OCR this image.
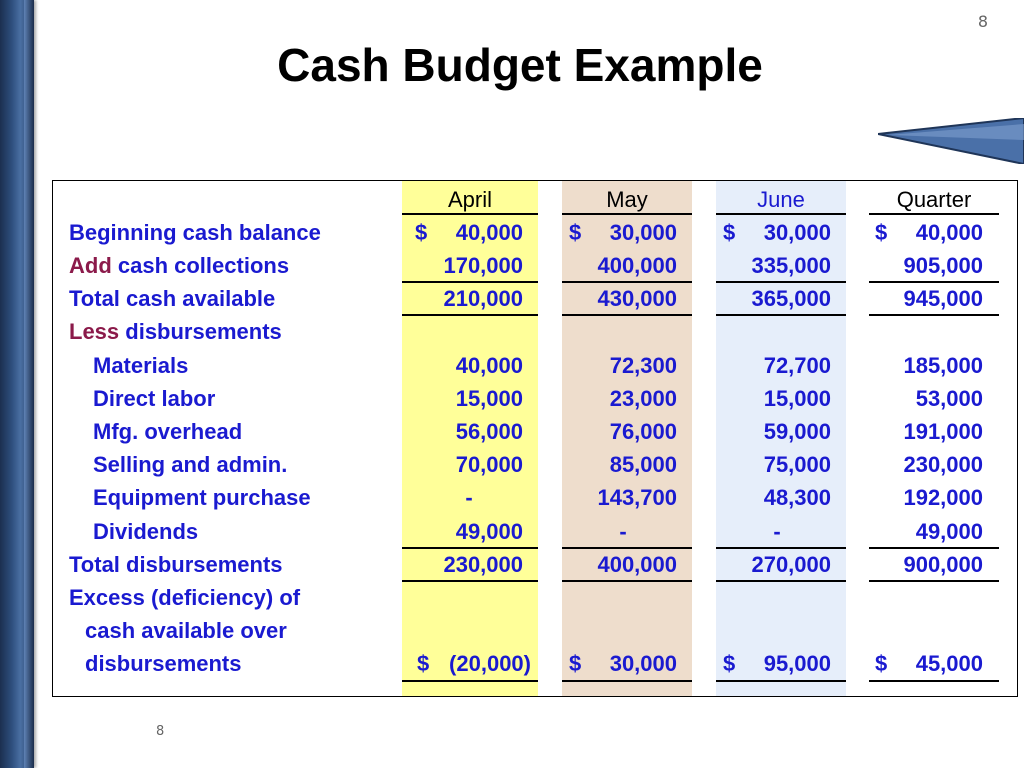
8
Cash Budget Example
April	May	June	Quarter
Beginning cash balance	$ 40,000 $ 30,000 $ 30,000 $ 40,000
Add cash collections	170,000	400,000	335,000	905,000
Total cash available	210,000	430,000	365,000	945,000
Less disbursements
Materials	40,000	72,300	72,700	185,000
Direct labor	15,000	23,000	15,000	53,000
Mfg. overhead	56,000	76,000	59,000	191,000
Selling and admin.	70,000	85,000	75,000	230,000
Equipment purchase	-	143,700	48,300	192,000
Dividends	49,000	-	-	49,000
Total disbursements	230,000	400,000	270,000	900,000
Excess (deficiency) of
cash available over
disbursements	$ (20,000) $ 30,000 $ 95,000 $ 45,000
8
